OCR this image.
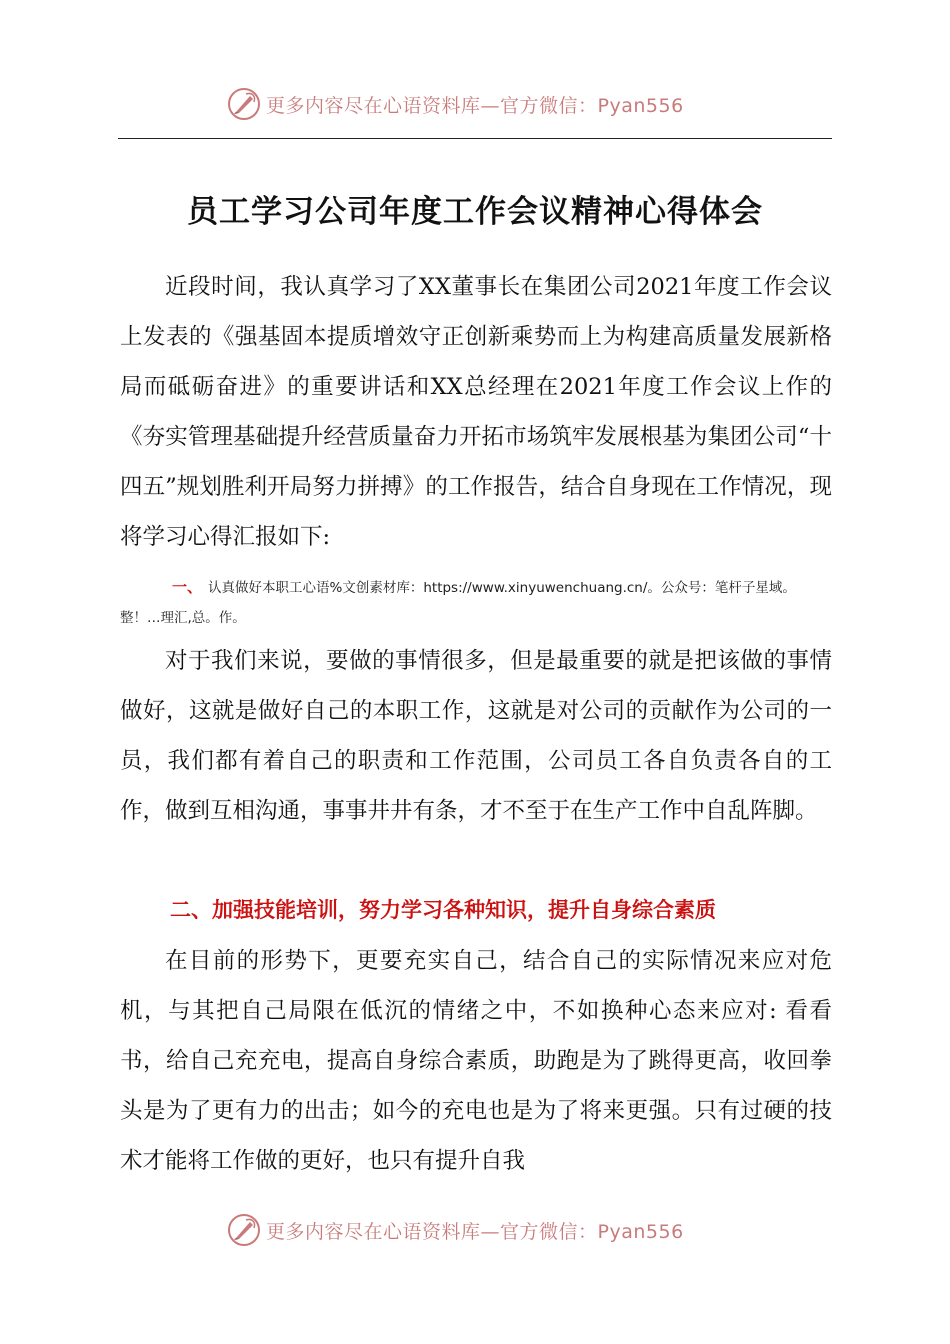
更多内容尽在心语资料库—官方微信：Pyan556
员工学习公司年度工作会议精神心得体会

近段时间，我认真学习了XX董事长在集团公司2021年度工作会议上发表的《强基固本提质增效守正创新乘势而上为构建高质量发展新格局而砥砺奋进》的重要讲话和XX总经理在2021年度工作会议上作的《夯实管理基础提升经营质量奋力开拓市场筑牢发展根基为集团公司“十四五”规划胜利开局努力拼搏》的工作报告，结合自身现在工作情况，现将学习心得汇报如下:

一、 认真做好本职工心语%文创素材库：https://www.xinyuwenchuang.cn/。公众号：笔杆子星域。整！…理汇,总。作。

对于我们来说，要做的事情很多，但是最重要的就是把该做的事情做好，这就是做好自己的本职工作，这就是对公司的贡献作为公司的一员，我们都有着自己的职责和工作范围，公司员工各自负责各自的工作，做到互相沟通，事事井井有条，才不至于在生产工作中自乱阵脚。

二、加强技能培训，努力学习各种知识，提升自身综合素质

在目前的形势下，更要充实自己，结合自己的实际情况来应对危机，与其把自己局限在低沉的情绪之中，不如换种心态来应对: 看看书，给自己充充电，提高自身综合素质，助跑是为了跳得更高，收回拳头是为了更有力的出击；如今的充电也是为了将来更强。只有过硬的技术才能将工作做的更好，也只有提升自我

更多内容尽在心语资料库—官方微信：Pyan556
